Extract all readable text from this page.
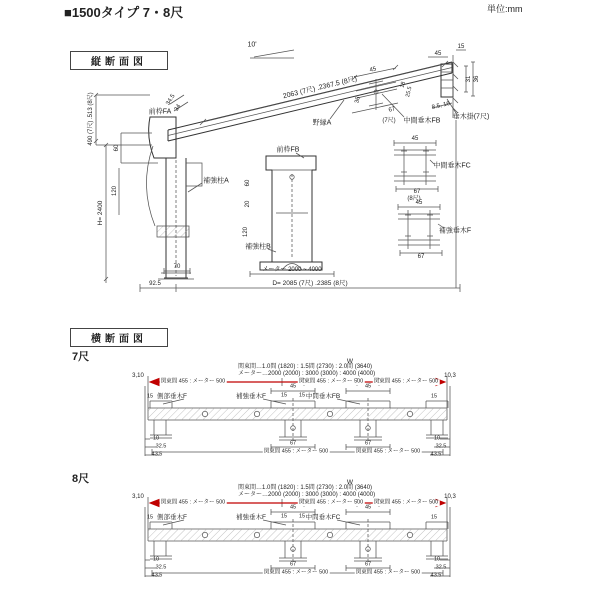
■1500タイプ 7・8尺	単位:mm
縦断面図
横断面図
7尺
8尺
10'
2063 (7尺) .2367.5 (8尺)
34.5
34
前枠FA
野縁A
45
18
25.5
36
67
(7尺) 中間垂木FB
45
15
31 36
8.5, 16
垂木掛(7尺)
490 (7尺) .513 (8尺)
60
120
H= 2400
補強柱A
前枠FB
60
20
120
補強柱B
70
92.5
メーター 2000 ~ 4000
D= 2085 (7尺) .2385 (8尺)
45
67
(8尺)
中間垂木FC
45
67
補強垂木F
W
関東間…1.0間 (1820) : 1.5間 (2730) : 2.0間 (3640)
メーター…2000 (2000) : 3000 (3000) : 4000 (4000)
関東間 455 : メーター 500	関東間 455 : メーター 500 関東間 455 : メーター 500
3,10	10,3
45	45
15	15 15	15
側部垂木F	補強垂木F	中間垂木FB
67	67
関東間 455 : メーター 500	関東間 455 : メーター 500
10
32.5
43.5
10
32.5
43.5
W
関東間…1.0間 (1820) : 1.5間 (2730) : 2.0間 (3640)
メーター…2000 (2000) : 3000 (3000) : 4000 (4000)
関東間 455 : メーター 500	関東間 455 : メーター 500 関東間 455 : メーター 500
3,10	10,3
45	45
15	15 15	15
側部垂木F	補強垂木F	中間垂木FC
67	67
関東間 455 : メーター 500	関東間 455 : メーター 500
10
32.5
43.5
10
32.5
43.5
